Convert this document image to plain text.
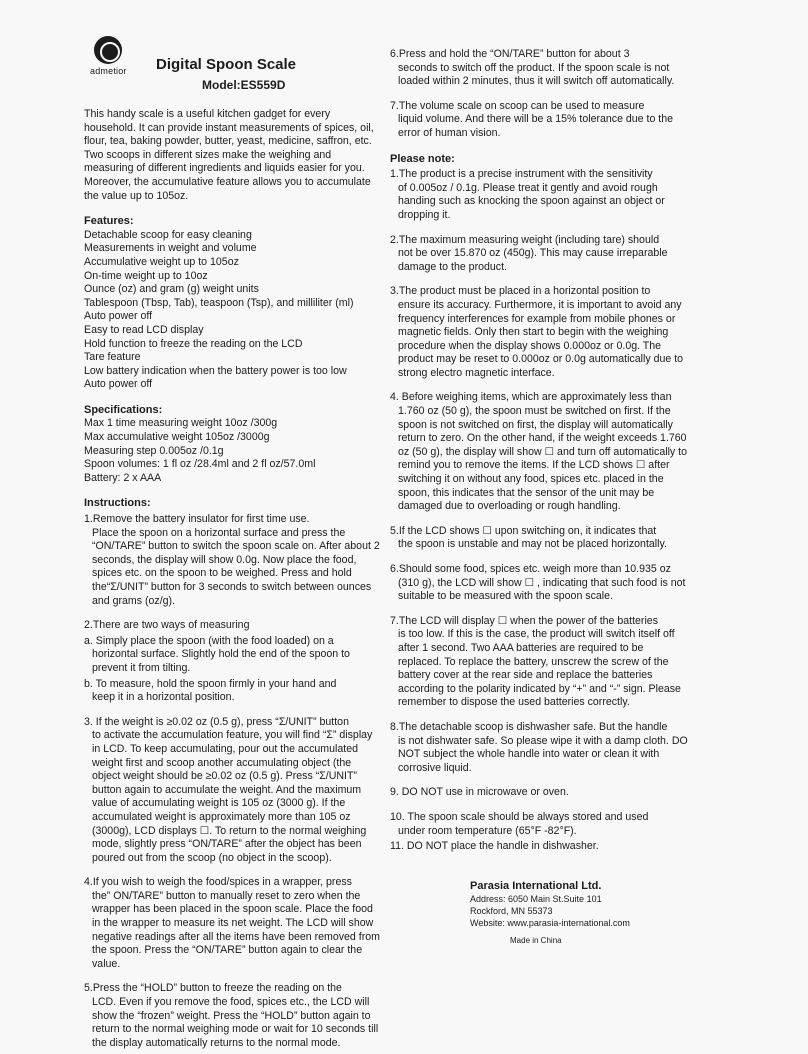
admetior Digital Spoon Scale
Model:ES559D
This handy scale is a useful kitchen gadget for every household. It can provide instant measurements of spices, oil, flour, tea, baking powder, butter, yeast, medicine, saffron, etc. Two scoops in different sizes make the weighing and measuring of different ingredients and liquids easier for you. Moreover, the accumulative feature allows you to accumulate the value up to 105oz.
Features:
Detachable scoop for easy cleaning
Measurements in weight and volume
Accumulative weight up to 105oz
On-time weight up to 10oz
Ounce (oz) and gram (g) weight units
Tablespoon (Tbsp, Tab), teaspoon (Tsp), and milliliter (ml)
Auto power off
Easy to read LCD display
Hold function to freeze the reading on the LCD
Tare feature
Low battery indication when the battery power is too low
Auto power off
Specifications:
Max 1 time measuring weight 10oz /300g
Max accumulative weight 105oz /3000g
Measuring step 0.005oz /0.1g
Spoon volumes: 1 fl oz /28.4ml and 2 fl oz/57.0ml
Battery: 2 x AAA
Instructions:
1.Remove the battery insulator for first time use.
Place the spoon on a horizontal surface and press the “ON/TARE” button to switch the spoon scale on. After about 2 seconds, the display will show 0.0g. Now place the food, spices etc. on the spoon to be weighed. Press and hold the“Σ/UNIT” button for 3 seconds to switch between ounces and grams (oz/g).
2.There are two ways of measuring
a. Simply place the spoon (with the food loaded) on a
horizontal surface. Slightly hold the end of the spoon to prevent it from tilting.
b. To measure, hold the spoon firmly in your hand and
keep it in a horizontal position.
3. If the weight is ≥0.02 oz (0.5 g), press “Σ/UNIT” button
to activate the accumulation feature, you will find “Σ” display in LCD. To keep accumulating, pour out the accumulated weight first and scoop another accumulating object (the object weight should be ≥0.02 oz (0.5 g). Press “Σ/UNIT” button again to accumulate the weight. And the maximum value of accumulating weight is 105 oz (3000 g). If the accumulated weight is approximately more than 105 oz (3000g), LCD displays ☐. To return to the normal weighing mode, slightly press “ON/TARE” after the object has been poured out from the scoop (no object in the scoop).
4.If you wish to weigh the food/spices in a wrapper, press
the” ON/TARE” button to manually reset to zero when the wrapper has been placed in the spoon scale. Place the food in the wrapper to measure its net weight. The LCD will show negative readings after all the items have been removed from the spoon. Press the “ON/TARE” button again to clear the value.
5.Press the “HOLD” button to freeze the reading on the
LCD. Even if you remove the food, spices etc., the LCD will show the “frozen” weight. Press the “HOLD” button again to return to the normal weighing mode or wait for 10 seconds till the display automatically returns to the normal mode.
6.Press and hold the “ON/TARE” button for about 3
seconds to switch off the product. If the spoon scale is not loaded within 2 minutes, thus it will switch off automatically.
7.The volume scale on scoop can be used to measure
liquid volume. And there will be a 15% tolerance due to the error of human vision.
Please note:
1.The product is a precise instrument with the sensitivity
of 0.005oz / 0.1g. Please treat it gently and avoid rough handing such as knocking the spoon against an object or dropping it.
2.The maximum measuring weight (including tare) should
not be over 15.870 oz (450g). This may cause irreparable damage to the product.
3.The product must be placed in a horizontal position to
ensure its accuracy. Furthermore, it is important to avoid any frequency interferences for example from mobile phones or magnetic fields. Only then start to begin with the weighing procedure when the display shows 0.000oz or 0.0g. The product may be reset to 0.000oz or 0.0g automatically due to strong electro magnetic interface.
4. Before weighing items, which are approximately less than
1.760 oz (50 g), the spoon must be switched on first. If the spoon is not switched on first, the display will automatically return to zero. On the other hand, if the weight exceeds 1.760 oz (50 g), the display will show ☐ and turn off automatically to remind you to remove the items. If the LCD shows ☐ after switching it on without any food, spices etc. placed in the spoon, this indicates that the sensor of the unit may be damaged due to overloading or rough handling.
5.If the LCD shows ☐ upon switching on, it indicates that
the spoon is unstable and may not be placed horizontally.
6.Should some food, spices etc. weigh more than 10.935 oz
(310 g), the LCD will show ☐ , indicating that such food is not suitable to be measured with the spoon scale.
7.The LCD will display ☐ when the power of the batteries
is too low. If this is the case, the product will switch itself off after 1 second. Two AAA batteries are required to be replaced. To replace the battery, unscrew the screw of the battery cover at the rear side and replace the batteries according to the polarity indicated by “+” and “-” sign. Please remember to dispose the used batteries correctly.
8.The detachable scoop is dishwasher safe. But the handle
is not dishwater safe. So please wipe it with a damp cloth. DO NOT subject the whole handle into water or clean it with corrosive liquid.
9. DO NOT use in microwave or oven.
10. The spoon scale should be always stored and used
under room temperature (65°F -82°F).
11. DO NOT place the handle in dishwasher.
Parasia International Ltd.
Address: 6050 Main St.Suite 101
Rockford, MN 55373
Website: www.parasia-international.com
Made in China
